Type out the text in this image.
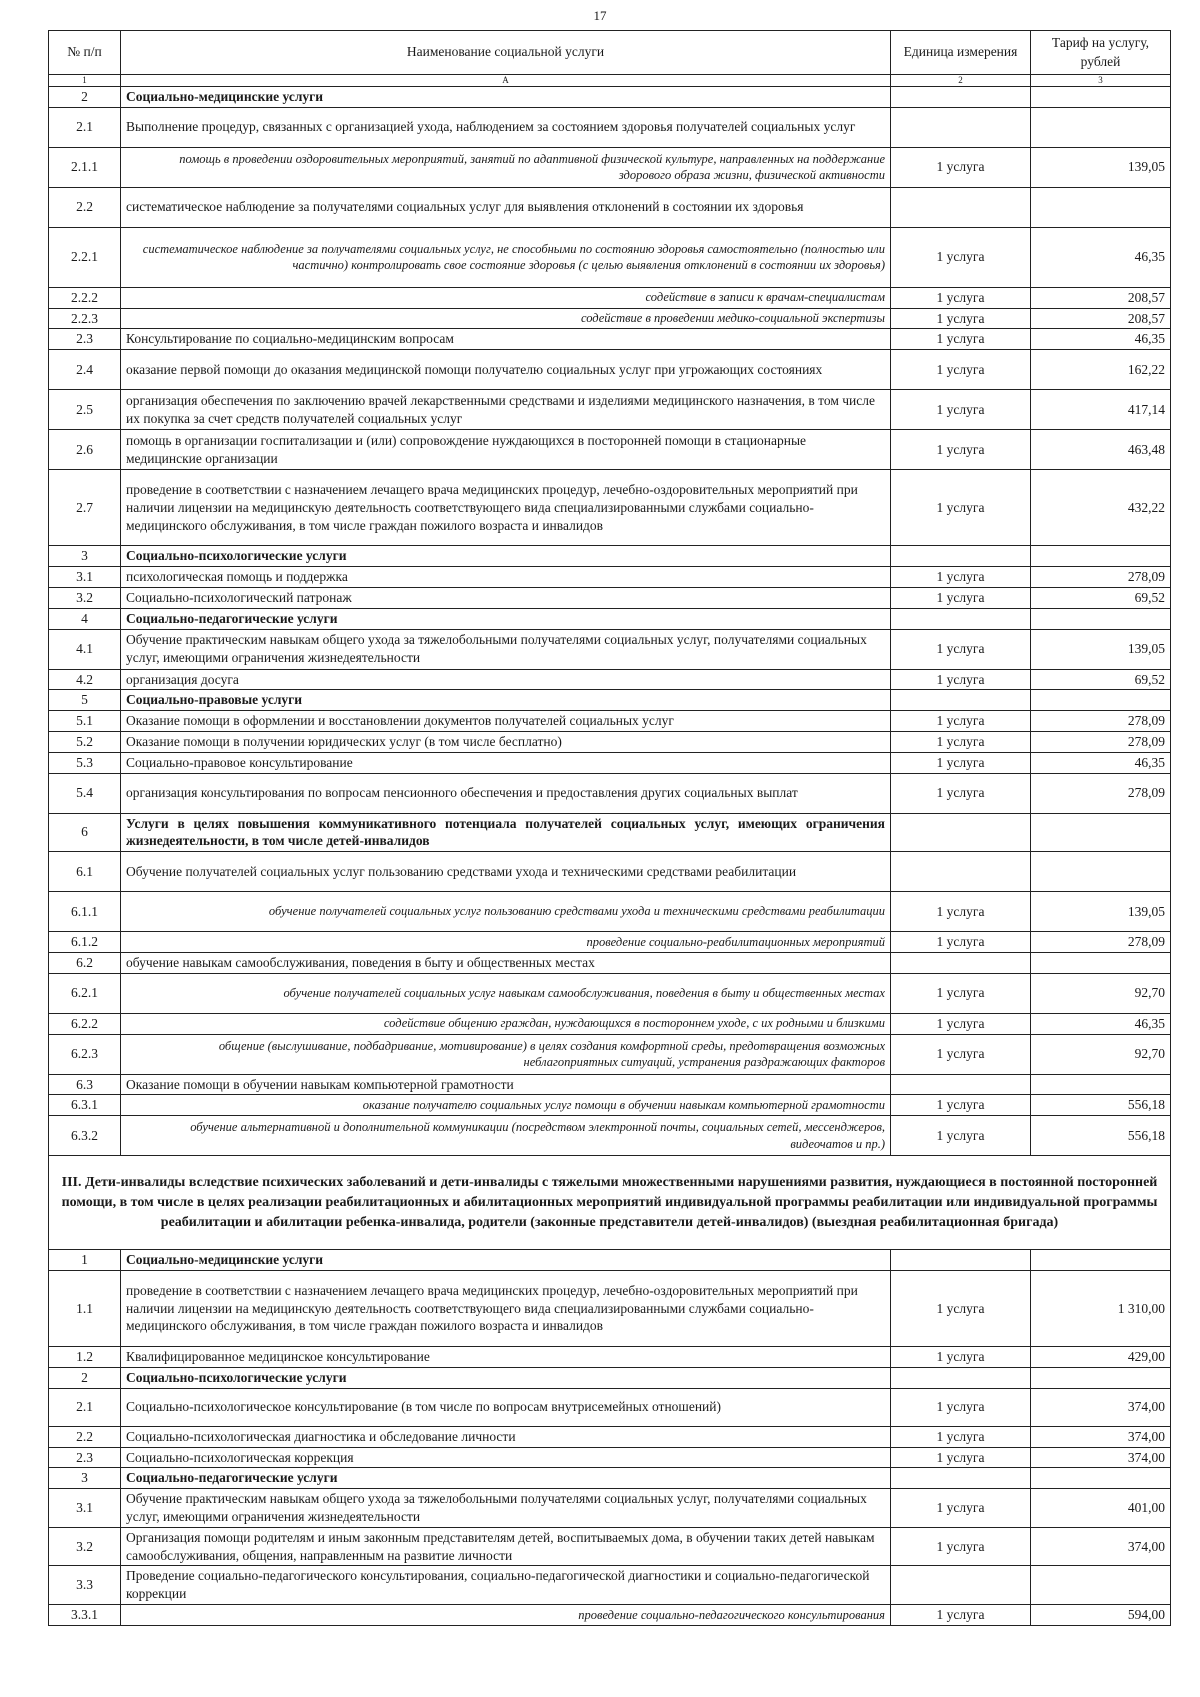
17
№ п/п	Наименование социальной услуги	Единица измерения	Тариф на услугу, рублей
1	А	2	3
2	Социально-медицинские услуги		
2.1	Выполнение процедур, связанных с организацией ухода, наблюдением за состоянием здоровья получателей социальных услуг		
2.1.1	помощь в проведении оздоровительных мероприятий, занятий по адаптивной физической культуре, направленных на поддержание здорового образа жизни, физической активности	1 услуга	139,05
2.2	систематическое наблюдение за получателями социальных услуг для выявления отклонений в состоянии их здоровья		
2.2.1	систематическое наблюдение за получателями социальных услуг, не способными по состоянию здоровья самостоятельно (полностью или частично) контролировать свое состояние здоровья (с целью выявления отклонений в состоянии их здоровья)	1 услуга	46,35
2.2.2	содействие в записи к врачам-специалистам	1 услуга	208,57
2.2.3	содействие в проведении медико-социальной экспертизы	1 услуга	208,57
2.3	Консультирование по социально-медицинским вопросам	1 услуга	46,35
2.4	оказание первой помощи до оказания медицинской помощи получателю социальных услуг при угрожающих состояниях	1 услуга	162,22
2.5	организация обеспечения по заключению врачей лекарственными средствами и изделиями медицинского назначения, в том числе их покупка за счет средств получателей социальных услуг	1 услуга	417,14
2.6	помощь в организации госпитализации и (или) сопровождение нуждающихся в посторонней помощи в стационарные медицинские организации	1 услуга	463,48
2.7	проведение в соответствии с назначением лечащего врача медицинских процедур, лечебно-оздоровительных мероприятий при наличии лицензии на медицинскую деятельность соответствующего вида специализированными службами социально-медицинского обслуживания, в том числе граждан пожилого возраста и инвалидов	1 услуга	432,22
3	Социально-психологические услуги		
3.1	психологическая помощь и поддержка	1 услуга	278,09
3.2	Социально-психологический патронаж	1 услуга	69,52
4	Социально-педагогические услуги		
4.1	Обучение практическим навыкам общего ухода за тяжелобольными получателями социальных услуг, получателями социальных услуг, имеющими ограничения жизнедеятельности	1 услуга	139,05
4.2	организация досуга	1 услуга	69,52
5	Социально-правовые услуги		
5.1	Оказание помощи в оформлении и восстановлении документов получателей социальных услуг	1 услуга	278,09
5.2	Оказание помощи в получении юридических услуг (в том числе бесплатно)	1 услуга	278,09
5.3	Социально-правовое консультирование	1 услуга	46,35
5.4	организация консультирования по вопросам пенсионного обеспечения и предоставления других социальных выплат	1 услуга	278,09
6	Услуги в целях повышения коммуникативного потенциала получателей социальных услуг, имеющих ограничения жизнедеятельности, в том числе детей-инвалидов		
6.1	Обучение получателей социальных услуг пользованию средствами ухода и техническими средствами реабилитации		
6.1.1	обучение получателей социальных услуг пользованию средствами ухода и техническими средствами реабилитации	1 услуга	139,05
6.1.2	проведение социально-реабилитационных мероприятий	1 услуга	278,09
6.2	обучение навыкам самообслуживания, поведения в быту и общественных местах		
6.2.1	обучение получателей социальных услуг навыкам самообслуживания, поведения в быту и общественных местах	1 услуга	92,70
6.2.2	содействие общению граждан, нуждающихся в постороннем уходе, с их родными и близкими	1 услуга	46,35
6.2.3	общение (выслушивание, подбадривание, мотивирование) в целях создания комфортной среды, предотвращения возможных неблагоприятных ситуаций, устранения раздражающих факторов	1 услуга	92,70
6.3	Оказание помощи в обучении навыкам компьютерной грамотности		
6.3.1	оказание получателю социальных услуг помощи в обучении навыкам компьютерной грамотности	1 услуга	556,18
6.3.2	обучение альтернативной и дополнительной коммуникации (посредством электронной почты, социальных сетей, мессенджеров, видеочатов и пр.)	1 услуга	556,18
III. Дети-инвалиды вследствие психических заболеваний и дети-инвалиды с тяжелыми множественными нарушениями развития, нуждающиеся в постоянной посторонней помощи, в том числе в целях реализации реабилитационных и абилитационных мероприятий индивидуальной программы реабилитации или индивидуальной программы реабилитации и абилитации ребенка-инвалида, родители (законные представители детей-инвалидов) (выездная реабилитационная бригада)			
1	Социально-медицинские услуги		
1.1	проведение в соответствии с назначением лечащего врача медицинских процедур, лечебно-оздоровительных мероприятий при наличии лицензии на медицинскую деятельность соответствующего вида специализированными службами социально-медицинского обслуживания, в том числе граждан пожилого возраста и инвалидов	1 услуга	1 310,00
1.2	Квалифицированное медицинское консультирование	1 услуга	429,00
2	Социально-психологические услуги		
2.1	Социально-психологическое консультирование (в том числе по вопросам внутрисемейных отношений)	1 услуга	374,00
2.2	Социально-психологическая диагностика и обследование личности	1 услуга	374,00
2.3	Социально-психологическая коррекция	1 услуга	374,00
3	Социально-педагогические услуги		
3.1	Обучение практическим навыкам общего ухода за тяжелобольными получателями социальных услуг, получателями социальных услуг, имеющими ограничения жизнедеятельности	1 услуга	401,00
3.2	Организация помощи родителям и иным законным представителям детей, воспитываемых дома, в обучении таких детей навыкам самообслуживания, общения, направленным на развитие личности	1 услуга	374,00
3.3	Проведение социально-педагогического консультирования, социально-педагогической диагностики и социально-педагогической коррекции		
3.3.1	проведение социально-педагогического консультирования	1 услуга	594,00
